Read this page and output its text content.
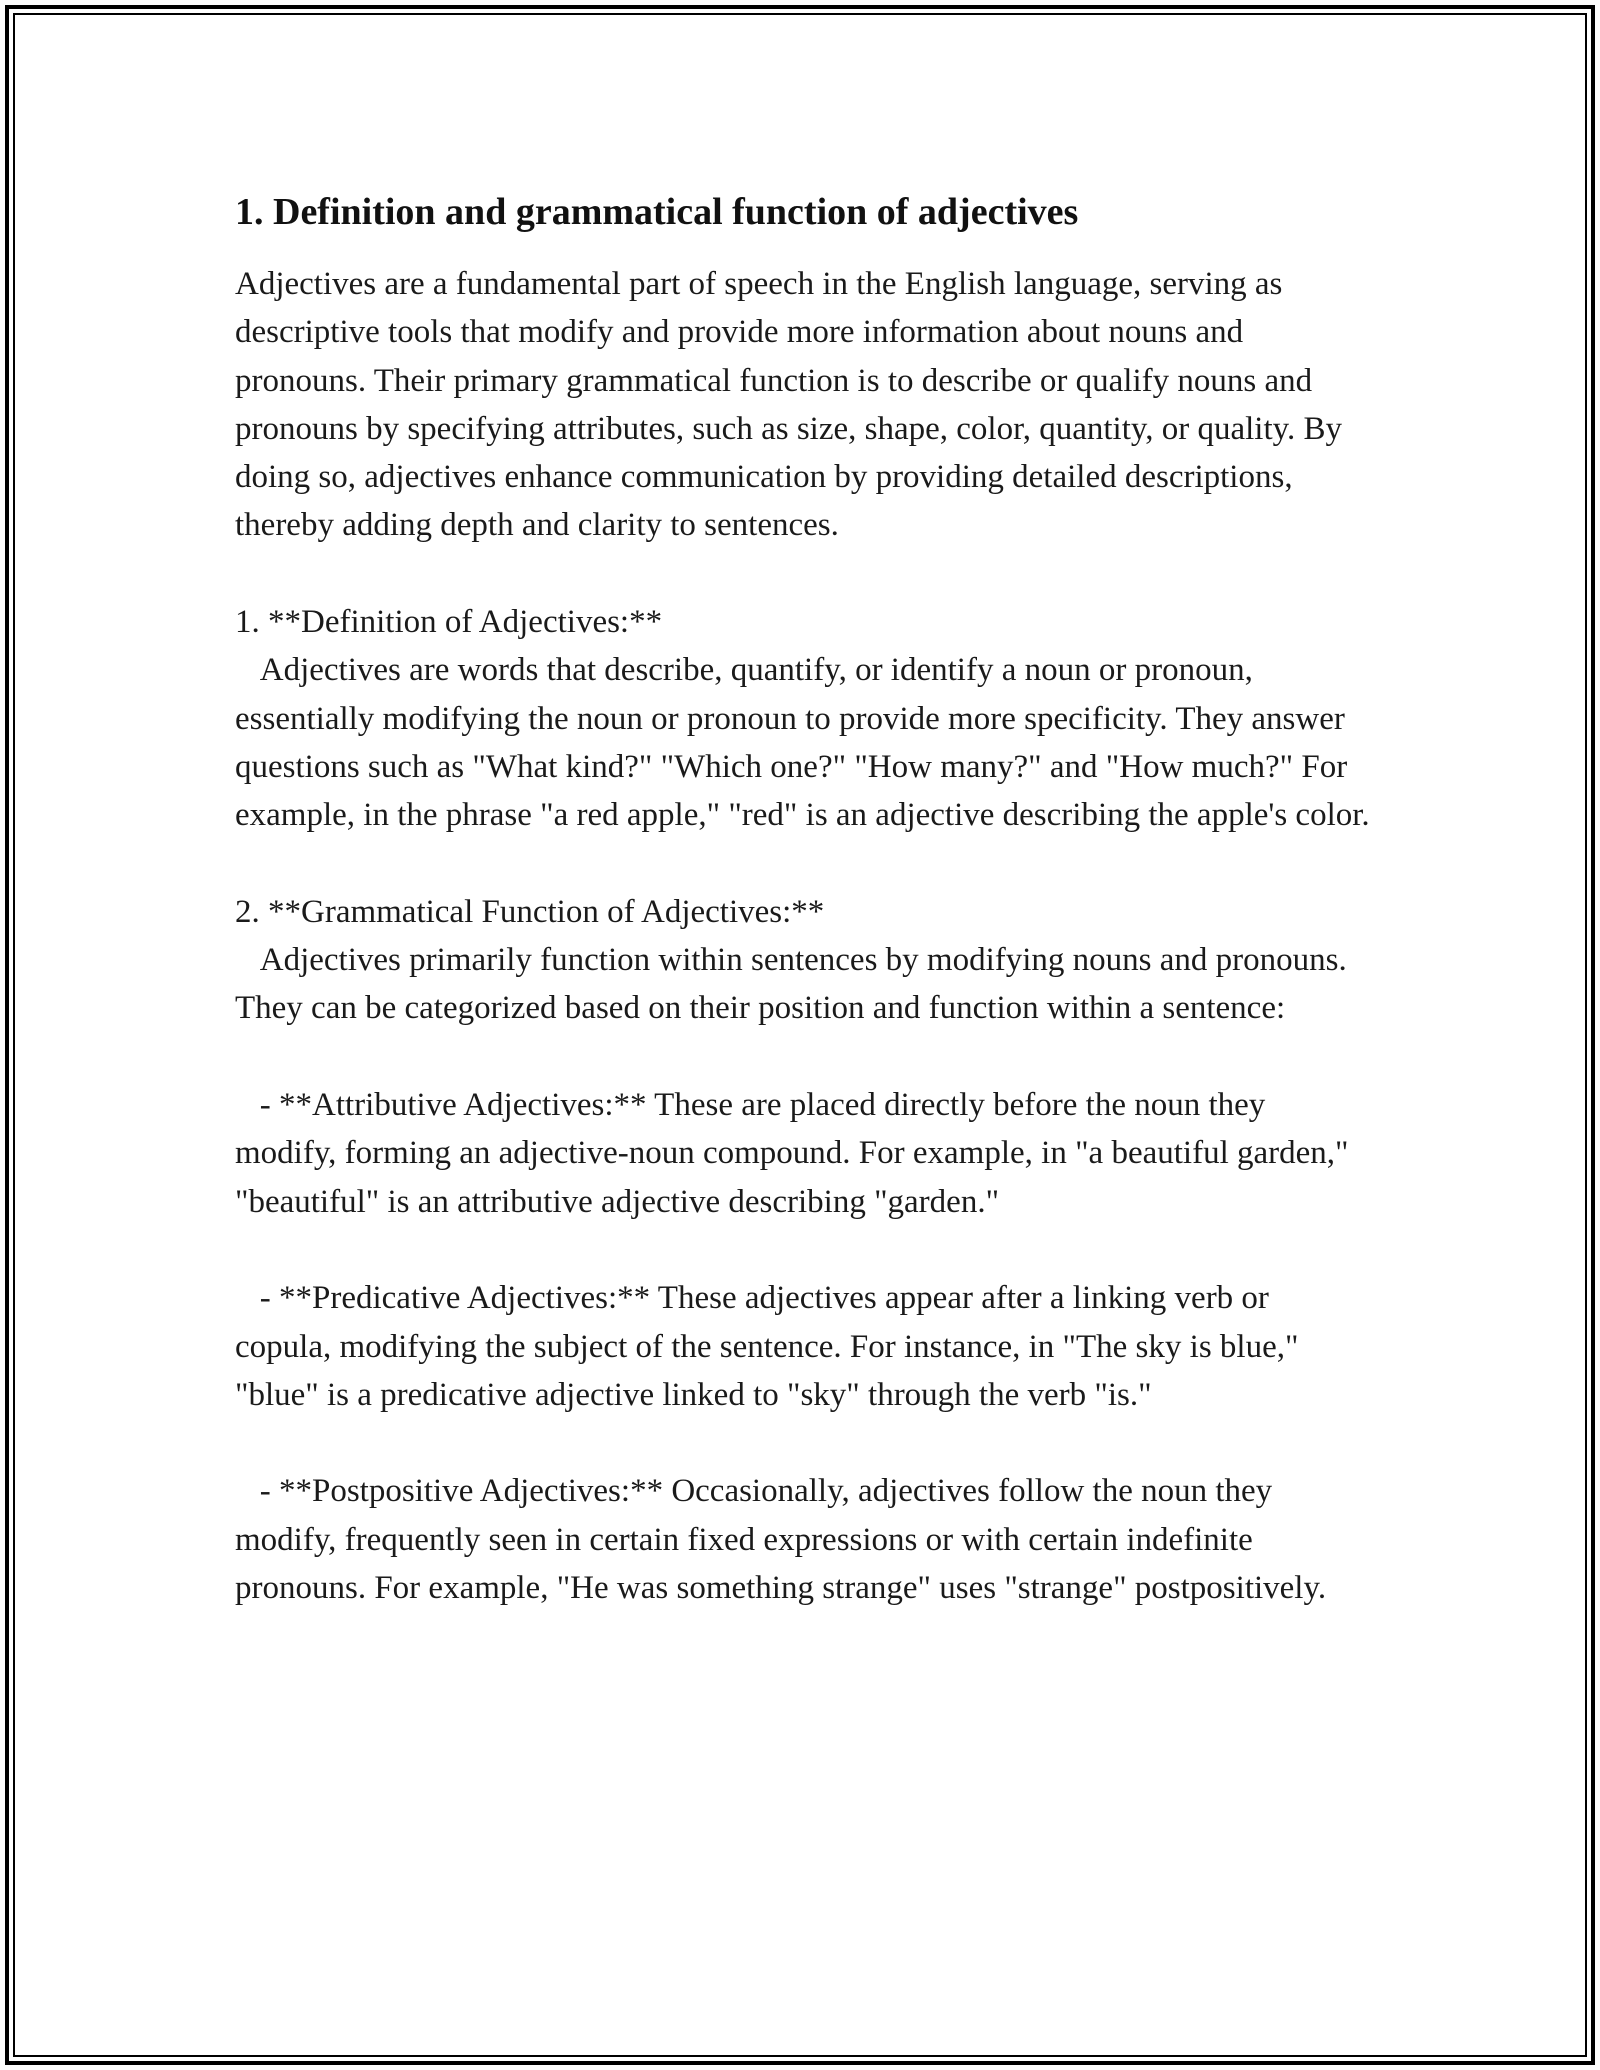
1. Definition and grammatical function of adjectives

Adjectives are a fundamental part of speech in the English language, serving as descriptive tools that modify and provide more information about nouns and pronouns. Their primary grammatical function is to describe or qualify nouns and pronouns by specifying attributes, such as size, shape, color, quantity, or quality. By doing so, adjectives enhance communication by providing detailed descriptions, thereby adding depth and clarity to sentences.

1. **Definition of Adjectives:**
Adjectives are words that describe, quantify, or identify a noun or pronoun, essentially modifying the noun or pronoun to provide more specificity. They answer questions such as "What kind?" "Which one?" "How many?" and "How much?" For example, in the phrase "a red apple," "red" is an adjective describing the apple's color.

2. **Grammatical Function of Adjectives:**
Adjectives primarily function within sentences by modifying nouns and pronouns. They can be categorized based on their position and function within a sentence:

- **Attributive Adjectives:** These are placed directly before the noun they modify, forming an adjective-noun compound. For example, in "a beautiful garden," "beautiful" is an attributive adjective describing "garden."

- **Predicative Adjectives:** These adjectives appear after a linking verb or copula, modifying the subject of the sentence. For instance, in "The sky is blue," "blue" is a predicative adjective linked to "sky" through the verb "is."

- **Postpositive Adjectives:** Occasionally, adjectives follow the noun they modify, frequently seen in certain fixed expressions or with certain indefinite pronouns. For example, "He was something strange" uses "strange" postpositively.
